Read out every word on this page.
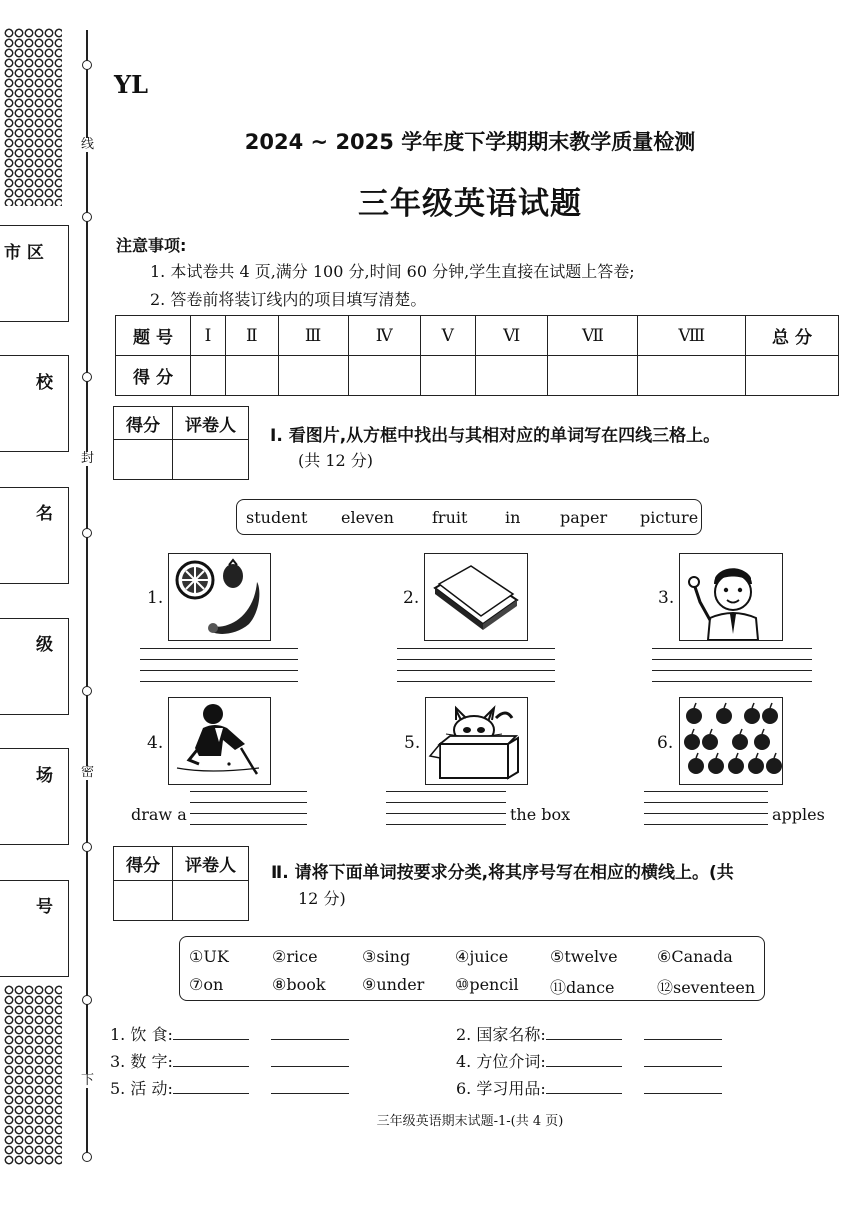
线
封
密
下
市 区
校
名
级
场
号
YL
2024 ~ 2025 学年度下学期期末教学质量检测
三年级英语试题
注意事项:
1. 本试卷共 4 页,满分 100 分,时间 60 分钟,学生直接在试题上答卷;
2. 答卷前将装订线内的项目填写清楚。
题 号	Ⅰ	Ⅱ	Ⅲ	Ⅳ	Ⅴ	Ⅵ	Ⅶ	Ⅷ	总 分
得 分									
得分	评卷人

Ⅰ. 看图片,从方框中找出与其相对应的单词写在四线三格上。
(共 12 分)
student eleven fruit in paper picture
1.	2.	3.
4.
draw a
5.
the box
6.
apples
得分	评卷人
	Ⅱ. 请将下面单词按要求分类,将其序号写在相应的横线上。(共
12 分)
①UK	②rice	③sing	④juice	⑤twelve ⑥Canada
⑦on	⑧book ⑨under ⑩pencil ⑪dance	⑫seventeen
1. 饮 食:	2. 国家名称:
3. 数 字:	4. 方位介词:
5. 活 动:	6. 学习用品:
三年级英语期末试题-1-(共 4 页)
